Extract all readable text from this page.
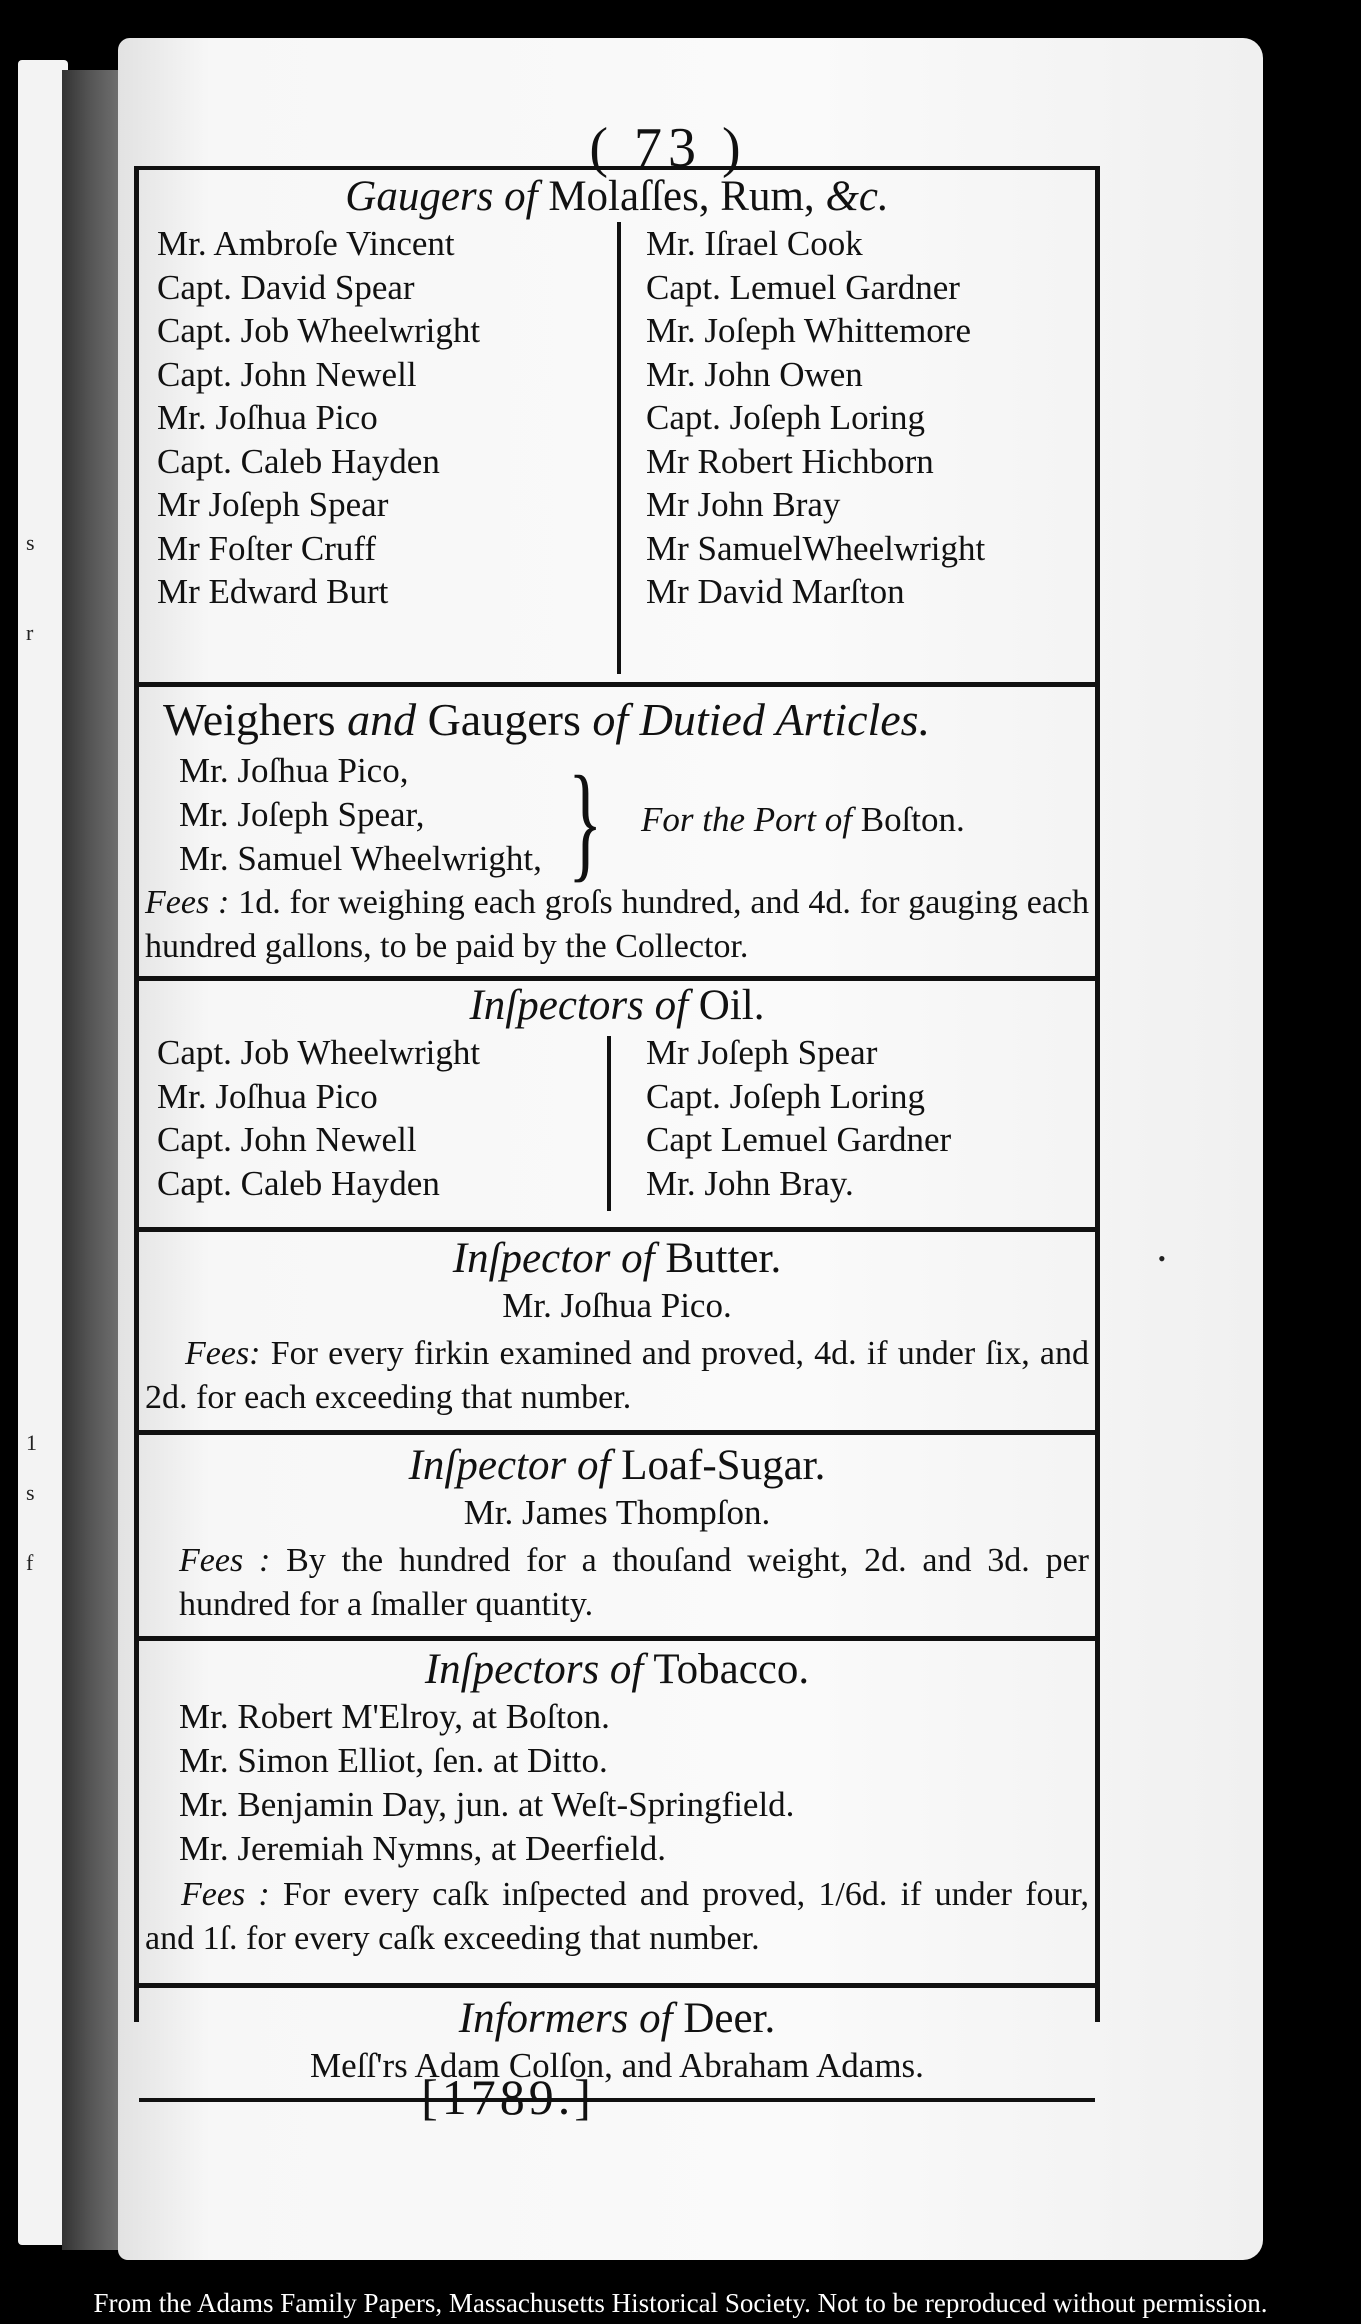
s
r
1
s
f
( 73 )
Gaugers of Molaſſes, Rum, &c.
Mr. Ambroſe Vincent
Capt. David Spear
Capt. Job Wheelwright
Capt. John Newell
Mr. Joſhua Pico
Capt. Caleb Hayden
Mr Joſeph Spear
Mr Foſter Cruff
Mr Edward Burt
Mr. Iſrael Cook
Capt. Lemuel Gardner
Mr. Joſeph Whittemore
Mr. John Owen
Capt. Joſeph Loring
Mr Robert Hichborn
Mr John Bray
Mr SamuelWheelwright
Mr David Marſton
Weighers and Gaugers of Dutied Articles.
Mr. Joſhua Pico,
Mr. Joſeph Spear,
Mr. Samuel Wheelwright, } For the Port of Boſton.
Fees : 1d. for weighing each groſs hundred, and 4d. for gauging each hundred gallons, to be paid by the Collector.
Inſpectors of Oil.
Capt. Job Wheelwright
Mr. Joſhua Pico
Capt. John Newell
Capt. Caleb Hayden
Mr Joſeph Spear
Capt. Joſeph Loring
Capt Lemuel Gardner
Mr. John Bray.
Inſpector of Butter.
Mr. Joſhua Pico.
Fees: For every firkin examined and proved, 4d. if under ſix, and 2d. for each exceeding that number.
Inſpector of Loaf-Sugar.
Mr. James Thompſon.
Fees : By the hundred for a thouſand weight, 2d. and 3d. per hundred for a ſmaller quantity.
Inſpectors of Tobacco.
Mr. Robert M'Elroy, at Boſton.
Mr. Simon Elliot, ſen. at Ditto.
Mr. Benjamin Day, jun. at Weſt-Springfield.
Mr. Jeremiah Nymns, at Deerfield.
Fees : For every caſk inſpected and proved, 1/6d. if under four, and 1ſ. for every caſk exceeding that number.
Informers of Deer.
Meſſ'rs Adam Colſon, and Abraham Adams.
[1789.]
•
From the Adams Family Papers, Massachusetts Historical Society. Not to be reproduced without permission.
